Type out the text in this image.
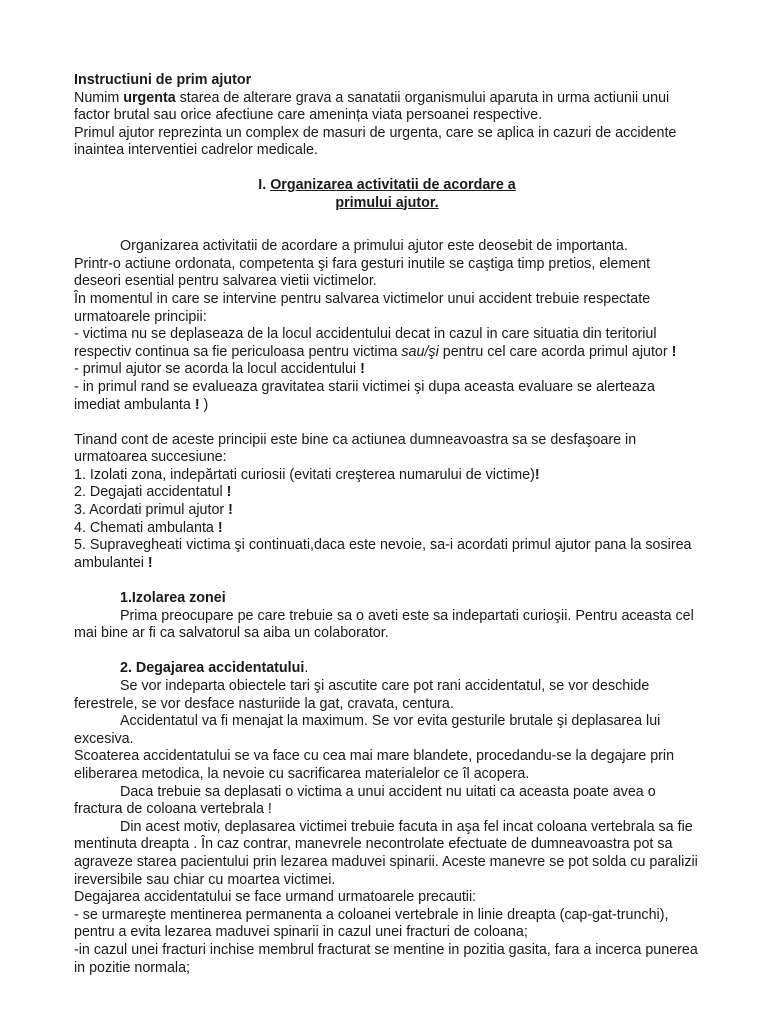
Instructiuni de prim ajutor

Numim urgenta starea de alterare grava a sanatatii organismului aparuta in urma actiunii unui factor brutal sau orice afectiune care amenința viata persoanei respective.

Primul ajutor reprezinta un complex de masuri de urgenta, care se aplica in cazuri de accidente inaintea interventiei cadrelor medicale.

I. Organizarea activitatii de acordare a
primului ajutor.

Organizarea activitatii de acordare a primului ajutor este deosebit de importanta.

Printr-o actiune ordonata, competenta şi fara gesturi inutile se caştiga timp pretios, element deseori esential pentru salvarea vietii victimelor.

În momentul in care se intervine pentru salvarea victimelor unui accident trebuie respectate urmatoarele principii:

- victima nu se deplaseaza de la locul accidentului decat in cazul in care situatia din teritoriul respectiv continua sa fie periculoasa pentru victima sau/şi pentru cel care acorda primul ajutor !

- primul ajutor se acorda la locul accidentului !

- in primul rand se evalueaza gravitatea starii victimei şi dupa aceasta evaluare se alerteaza imediat ambulanta ! )

Tinand cont de aceste principii este bine ca actiunea dumneavoastra sa se desfaşoare in urmatoarea succesiune:

1. Izolati zona, indepărtati curiosii (evitati creşterea numarului de victime)!

2. Degajati accidentatul !

3. Acordati primul ajutor !

4. Chemati ambulanta !

5. Supravegheati victima şi continuati,daca este nevoie, sa-i acordati primul ajutor pana la sosirea ambulantei !

1.Izolarea zonei

Prima preocupare pe care trebuie sa o aveti este sa indepartati curioşii. Pentru aceasta cel mai bine ar fi ca salvatorul sa aiba un colaborator.

2. Degajarea accidentatului.

Se vor indeparta obiectele tari şi ascutite care pot rani accidentatul, se vor deschide ferestrele, se vor desface nasturiide la gat, cravata, centura.

Accidentatul va fi menajat la maximum. Se vor evita gesturile brutale şi deplasarea lui excesiva.

Scoaterea accidentatului se va face cu cea mai mare blandete, procedandu-se la degajare prin eliberarea metodica, la nevoie cu sacrificarea materialelor ce îl acopera.

Daca trebuie sa deplasati o victima a unui accident nu uitati ca aceasta poate avea o fractura de coloana vertebrala !

Din acest motiv, deplasarea victimei trebuie facuta in aşa fel incat coloana vertebrala sa fie mentinuta dreapta . În caz contrar, manevrele necontrolate efectuate de dumneavoastra pot sa agraveze starea pacientului prin lezarea maduvei spinarii. Aceste manevre se pot solda cu paralizii ireversibile sau chiar cu moartea victimei.

Degajarea accidentatului se face urmand urmatoarele precautii:

- se urmareşte mentinerea permanenta a coloanei vertebrale in linie dreapta (cap-gat-trunchi), pentru a evita lezarea maduvei spinarii in cazul unei fracturi de coloana;

-in cazul unei fracturi inchise membrul fracturat se mentine in pozitia gasita, fara a incerca punerea in pozitie normala;
